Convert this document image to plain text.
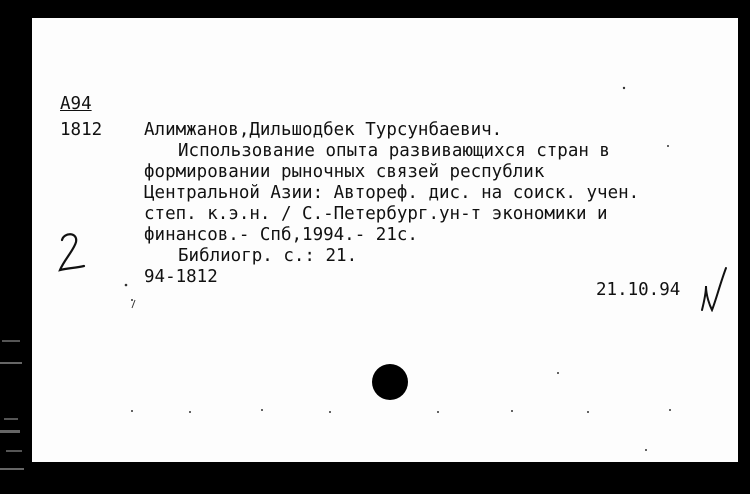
А94
1812 Алимжанов,Дильшодбек Турсунбаевич.
Использование опыта развивающихся стран в
формировании рыночных связей республик
Центральной Азии: Автореф. дис. на соиск. учен.
степ. к.э.н. / С.-Петербург.ун-т экономики и
финансов.- Спб,1994.- 21с.
Библиогр. с.: 21.
94-1812
21.10.94
